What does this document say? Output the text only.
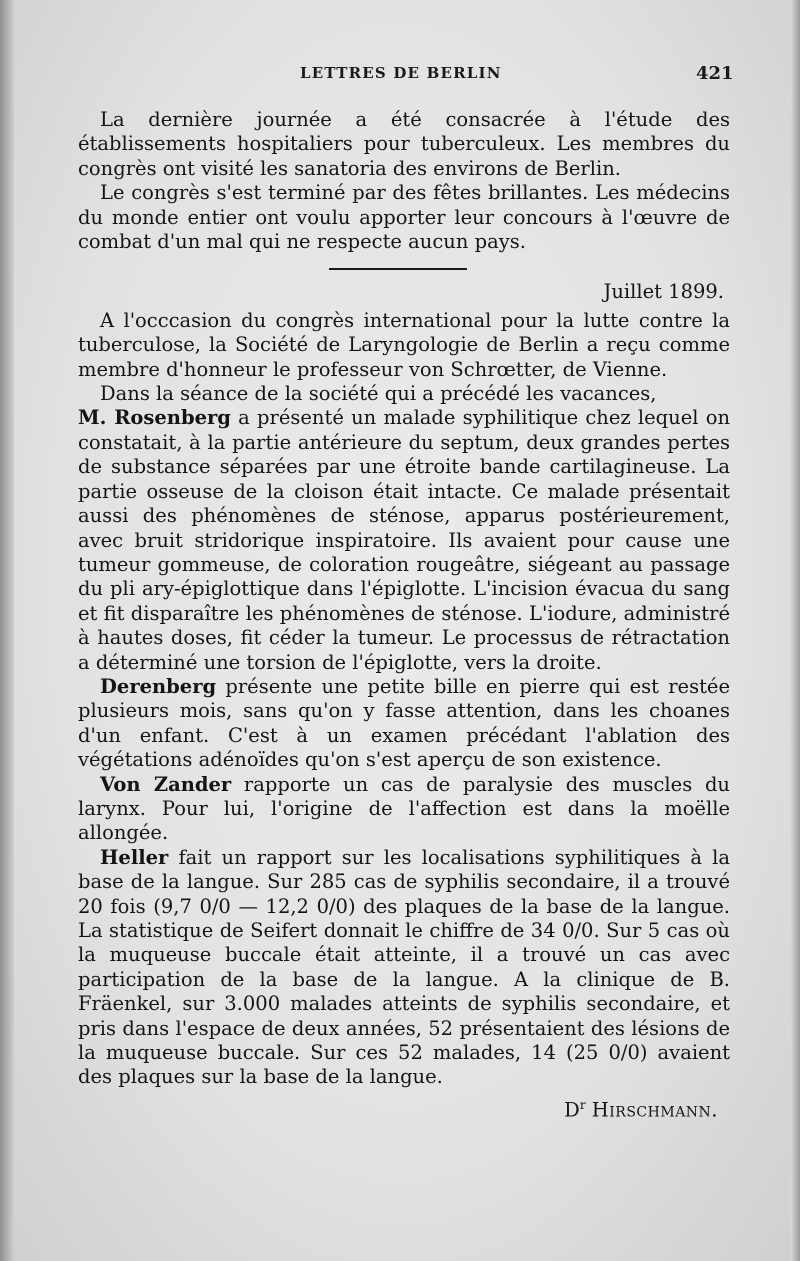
LETTRES DE BERLIN	421

La dernière journée a été consacrée à l'étude des établissements hospitaliers pour tuberculeux. Les membres du congrès ont visité les sanatoria des environs de Berlin.

Le congrès s'est terminé par des fêtes brillantes. Les médecins du monde entier ont voulu apporter leur concours à l'œuvre de combat d'un mal qui ne respecte aucun pays.

Juillet 1899.

A l'occcasion du congrès international pour la lutte contre la tuberculose, la Société de Laryngologie de Berlin a reçu comme membre d'honneur le professeur von Schrœtter, de Vienne.

Dans la séance de la société qui a précédé les vacances,
M. Rosenberg a présenté un malade syphilitique chez lequel on constatait, à la partie antérieure du septum, deux grandes pertes de substance séparées par une étroite bande cartilagineuse. La partie osseuse de la cloison était intacte. Ce malade présentait aussi des phénomènes de sténose, apparus postérieurement, avec bruit stridorique inspiratoire. Ils avaient pour cause une tumeur gommeuse, de coloration rougeâtre, siégeant au passage du pli ary-épiglottique dans l'épiglotte. L'incision évacua du sang et fit disparaître les phénomènes de sténose. L'iodure, administré à hautes doses, fit céder la tumeur. Le processus de rétractation a déterminé une torsion de l'épiglotte, vers la droite.

Derenberg présente une petite bille en pierre qui est restée plusieurs mois, sans qu'on y fasse attention, dans les choanes d'un enfant. C'est à un examen précédant l'ablation des végétations adénoïdes qu'on s'est aperçu de son existence.

Von Zander rapporte un cas de paralysie des muscles du larynx. Pour lui, l'origine de l'affection est dans la moëlle allongée.

Heller fait un rapport sur les localisations syphilitiques à la base de la langue. Sur 285 cas de syphilis secondaire, il a trouvé 20 fois (9,7 0/0 — 12,2 0/0) des plaques de la base de la langue. La statistique de Seifert donnait le chiffre de 34 0/0. Sur 5 cas où la muqueuse buccale était atteinte, il a trouvé un cas avec participation de la base de la langue. A la clinique de B. Fräenkel, sur 3.000 malades atteints de syphilis secondaire, et pris dans l'espace de deux années, 52 présentaient des lésions de la muqueuse buccale. Sur ces 52 malades, 14 (25 0/0) avaient des plaques sur la base de la langue.

$D^r$ Hirschmann.
